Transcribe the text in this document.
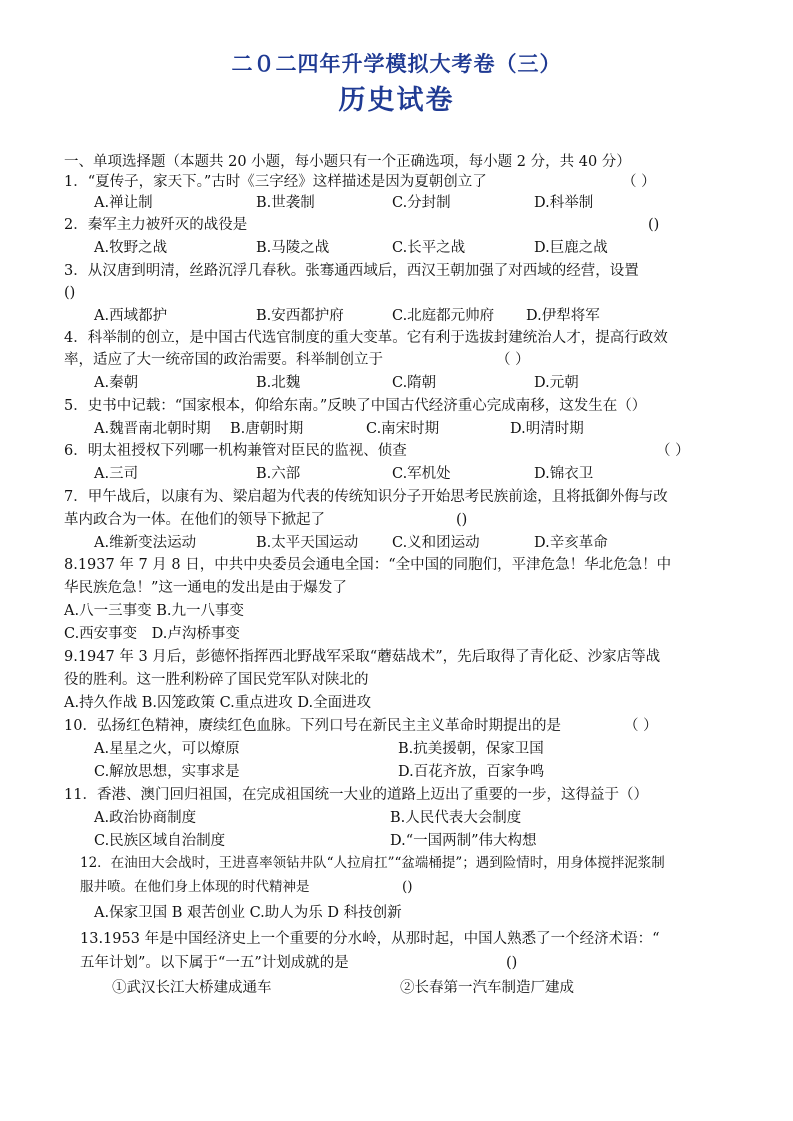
二０二四年升学模拟大考卷（三）
历史试卷
一、单项选择题（本题共 20 小题，每小题只有一个正确选项，每小题 2 分，共 40 分）
1．“夏传子，家天下。”古时《三字经》这样描述是因为夏朝创立了	（ ）
A.禅让制	B.世袭制	C.分封制	D.科举制
2．秦军主力被歼灭的战役是	()
A.牧野之战	B.马陵之战	C.长平之战	D.巨鹿之战
3．从汉唐到明清，丝路沉浮几春秋。张骞通西域后，西汉王朝加强了对西域的经营，设置
()
A.西域都护	B.安西都护府	C.北庭都元帅府 D.伊犁将军
4．科举制的创立，是中国古代选官制度的重大变革。它有利于选拔封建统治人才，提高行政效
率，适应了大一统帝国的政治需要。科举制创立于	（ ）
A.秦朝	B.北魏	C.隋朝	D.元朝
5．史书中记载：“国家根本，仰给东南。”反映了中国古代经济重心完成南移，这发生在（）
A.魏晋南北朝时期 B.唐朝时期	C.南宋时期	D.明清时期
6．明太祖授权下列哪一机构兼管对臣民的监视、侦查	（ ）
A.三司	B.六部	C.军机处	D.锦衣卫
7．甲午战后，以康有为、梁启超为代表的传统知识分子开始思考民族前途，且将抵御外侮与改
革内政合为一体。在他们的领导下掀起了	()
A.维新变法运动	B.太平天国运动 C.义和团运动	D.辛亥革命
8.1937 年 7 月 8 日，中共中央委员会通电全国：“全中国的同胞们，平津危急！华北危急！中
华民族危急！”这一通电的发出是由于爆发了
A.八一三事变 B.九一八事变
C.西安事变　D.卢沟桥事变
9.1947 年 3 月后，彭德怀指挥西北野战军采取“蘑菇战术”，先后取得了青化砭、沙家店等战
役的胜利。这一胜利粉碎了国民党军队对陕北的
A.持久作战 B.囚笼政策 C.重点进攻 D.全面进攻
10．弘扬红色精神，赓续红色血脉。下列口号在新民主主义革命时期提出的是	（ ）
A.星星之火，可以燎原	B.抗美援朝，保家卫国
C.解放思想，实事求是	D.百花齐放，百家争鸣
11．香港、澳门回归祖国，在完成祖国统一大业的道路上迈出了重要的一步，这得益于（）
A.政治协商制度	B.人民代表大会制度
C.民族区域自治制度	D.“一国两制”伟大构想
12．在油田大会战时，王进喜率领钻井队“人拉肩扛”“盆端桶提”；遇到险情时，用身体搅拌泥浆制
服井喷。在他们身上体现的时代精神是	()
A.保家卫国 B 艰苦创业 C.助人为乐 D 科技创新
13.1953 年是中国经济史上一个重要的分水岭，从那时起，中国人熟悉了一个经济术语：“
五年计划”。以下属于“一五”计划成就的是	()
①武汉长江大桥建成通车	②长春第一汽车制造厂建成
